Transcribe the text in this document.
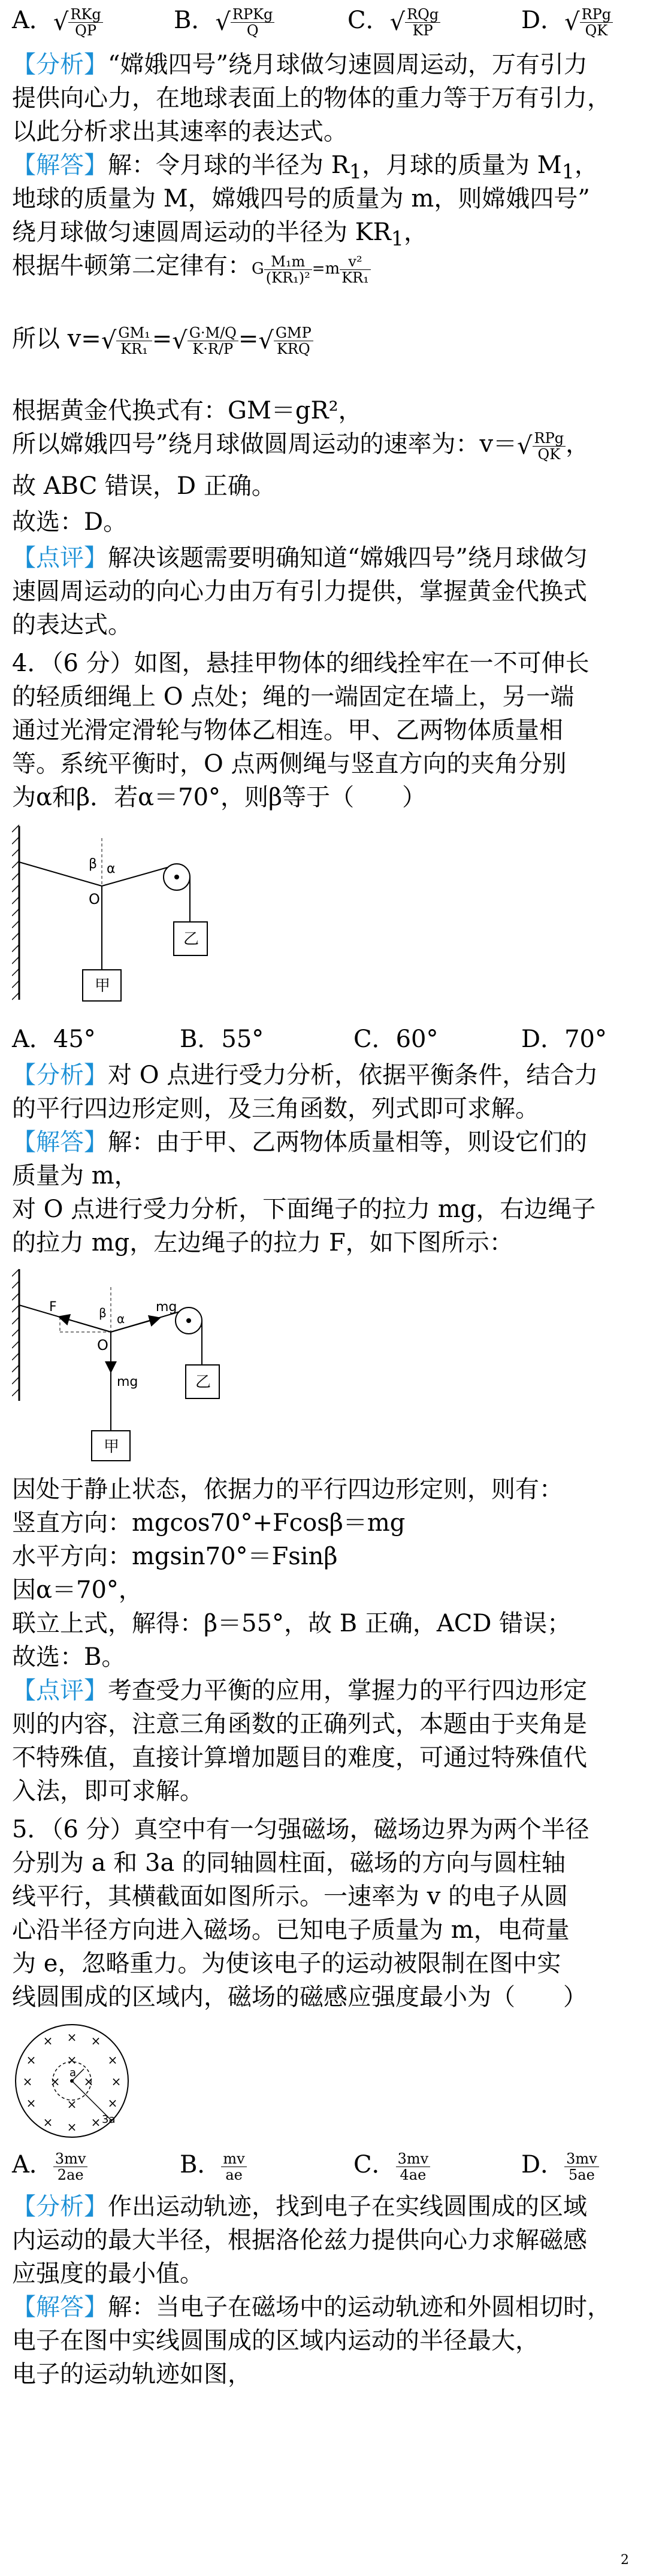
A．√ $\frac{\text{RKg}}{QP}$	B．√ $\frac{\text{RPKg}}{Q}$	C．√ $\frac{\text{RQg}}{KP}$	D．√ $\frac{\text{RPg}}{QK}$
【分析】“嫦娥四号”绕月球做匀速圆周运动，万有引力
提供向心力，在地球表面上的物体的重力等于万有引力，
以此分析求出其速率的表达式。
【解答】解：令月球的半径为 $R_1$，月球的质量为 $M_1$，
地球的质量为 M，嫦娥四号的质量为 m，则嫦娥四号”
绕月球做匀速圆周运动的半径为 $KR_1$，
根据牛顿第二定律有：G $\frac{\text{M₁m}}{\text{(KR₁)²}} =m \frac{\text{v²}}{\text{KR₁}}$
所以 $v=√ \frac{\text{GM₁}}{\text{KR₁}}$ =√ $\frac{G\cdot M/Q}{K\cdot R/P}$ =√ $\frac{\text{GMP}}{\text{KRQ}}$
根据黄金代换式有：GM＝gR²，
所以嫦娥四号”绕月球做圆周运动的速率为：$v=√ \frac{\text{RPg}}{QK}$ ，
故 ABC 错误，D 正确。
故选：D。
【点评】解决该题需要明确知道“嫦娥四号”绕月球做匀
速圆周运动的向心力由万有引力提供，掌握黄金代换式
的表达式。
4．（6 分）如图，悬挂甲物体的细线拴牢在一不可伸长
的轻质细绳上 O 点处；绳的一端固定在墙上，另一端
通过光滑定滑轮与物体乙相连。甲、乙两物体质量相
等。系统平衡时，O 点两侧绳与竖直方向的夹角分别
为α和β．若α＝70°，则β等于（　　）
β α
O
甲
乙
A．45°	B．55°	C．60°	D．70°
【分析】对 O 点进行受力分析，依据平衡条件，结合力
的平行四边形定则，及三角函数，列式即可求解。
【解答】解：由于甲、乙两物体质量相等，则设它们的
质量为 m，
对 O 点进行受力分析，下面绳子的拉力 mg，右边绳子
的拉力 mg，左边绳子的拉力 F，如下图所示：
F	mg
mg
β α
O
甲
乙
因处于静止状态，依据力的平行四边形定则，则有：
竖直方向：mgcos70°+Fcosβ＝mg
水平方向：mgsin70°＝Fsinβ
因α＝70°，
联立上式，解得：β＝55°，故 B 正确，ACD 错误；
故选：B。
【点评】考查受力平衡的应用，掌握力的平行四边形定
则的内容，注意三角函数的正确列式，本题由于夹角是
不特殊值，直接计算增加题目的难度，可通过特殊值代
入法，即可求解。
5．（6 分）真空中有一匀强磁场，磁场边界为两个半径
分别为 a 和 3a 的同轴圆柱面，磁场的方向与圆柱轴
线平行，其横截面如图所示。一速率为 v 的电子从圆
心沿半径方向进入磁场。已知电子质量为 m，电荷量
为 e，忽略重力。为使该电子的运动被限制在图中实
线圆围成的区域内，磁场的磁感应强度最小为（　　）
× × ×
×	×
×	×
×	×
× × ×
×
× ×
×
a
3a
A． $\frac{3mv}{2ae}$	B． $\frac{mv}{ae}$	C． $\frac{3mv}{4ae}$	D． $\frac{3mv}{5ae}$
【分析】作出运动轨迹，找到电子在实线圆围成的区域
内运动的最大半径，根据洛伦兹力提供向心力求解磁感
应强度的最小值。
【解答】解：当电子在磁场中的运动轨迹和外圆相切时，
电子在图中实线圆围成的区域内运动的半径最大，
电子的运动轨迹如图，
2
